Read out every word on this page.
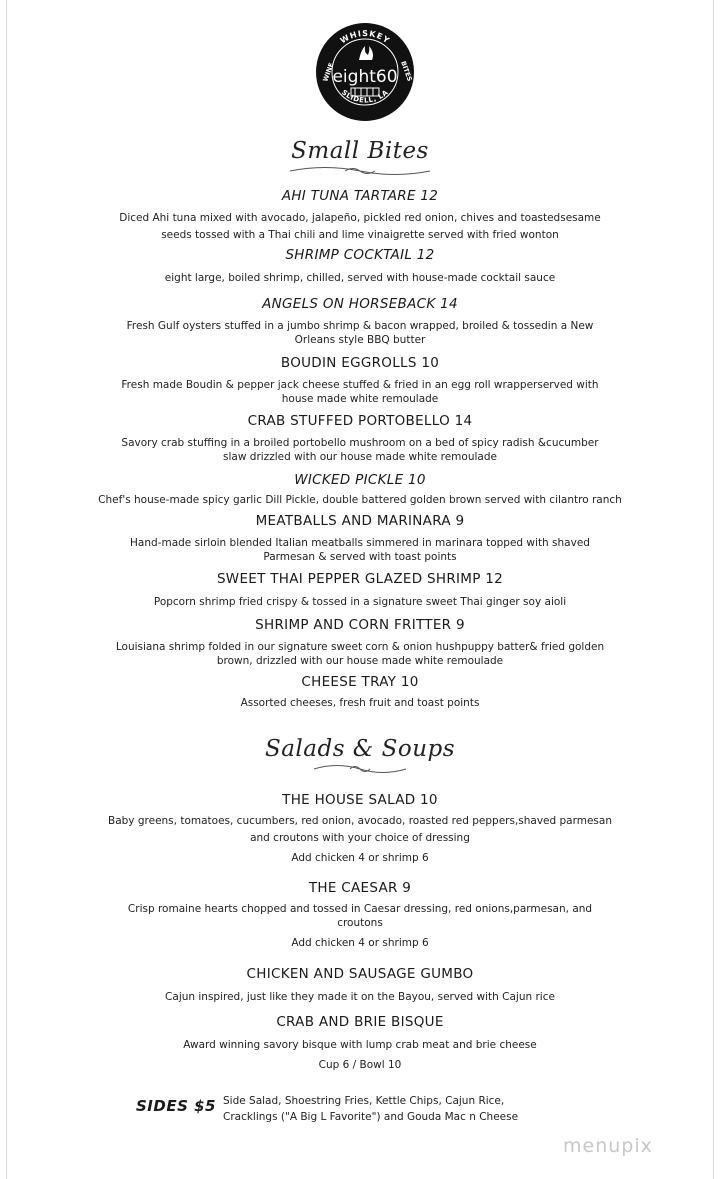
WHISKEY
SLIDELL, LA
WINE	BITES
eight60
Small Bites
AHI TUNA TARTARE 12
Diced Ahi tuna mixed with avocado, jalapeño, pickled red onion, chives and toastedsesame
seeds tossed with a Thai chili and lime vinaigrette served with fried wonton
SHRIMP COCKTAIL 12
eight large, boiled shrimp, chilled, served with house-made cocktail sauce
ANGELS ON HORSEBACK 14
Fresh Gulf oysters stuffed in a jumbo shrimp & bacon wrapped, broiled & tossedin a New
Orleans style BBQ butter
BOUDIN EGGROLLS 10
Fresh made Boudin & pepper jack cheese stuffed & fried in an egg roll wrapperserved with
house made white remoulade
CRAB STUFFED PORTOBELLO 14
Savory crab stuffing in a broiled portobello mushroom on a bed of spicy radish &cucumber
slaw drizzled with our house made white remoulade
WICKED PICKLE 10
Chef's house-made spicy garlic Dill Pickle, double battered golden brown served with cilantro ranch
MEATBALLS AND MARINARA 9
Hand-made sirloin blended Italian meatballs simmered in marinara topped with shaved
Parmesan & served with toast points
SWEET THAI PEPPER GLAZED SHRIMP 12
Popcorn shrimp fried crispy & tossed in a signature sweet Thai ginger soy aioli
SHRIMP AND CORN FRITTER 9
Louisiana shrimp folded in our signature sweet corn & onion hushpuppy batter& fried golden
brown, drizzled with our house made white remoulade
CHEESE TRAY 10
Assorted cheeses, fresh fruit and toast points
Salads & Soups
THE HOUSE SALAD 10
Baby greens, tomatoes, cucumbers, red onion, avocado, roasted red peppers,shaved parmesan
and croutons with your choice of dressing
Add chicken 4 or shrimp 6
THE CAESAR 9
Crisp romaine hearts chopped and tossed in Caesar dressing, red onions,parmesan, and
croutons
Add chicken 4 or shrimp 6
CHICKEN AND SAUSAGE GUMBO
Cajun inspired, just like they made it on the Bayou, served with Cajun rice
CRAB AND BRIE BISQUE
Award winning savory bisque with lump crab meat and brie cheese
Cup 6 / Bowl 10
SIDES $5 Side Salad, Shoestring Fries, Kettle Chips, Cajun Rice,
Cracklings ("A Big L Favorite") and Gouda Mac n Cheese
menupix
